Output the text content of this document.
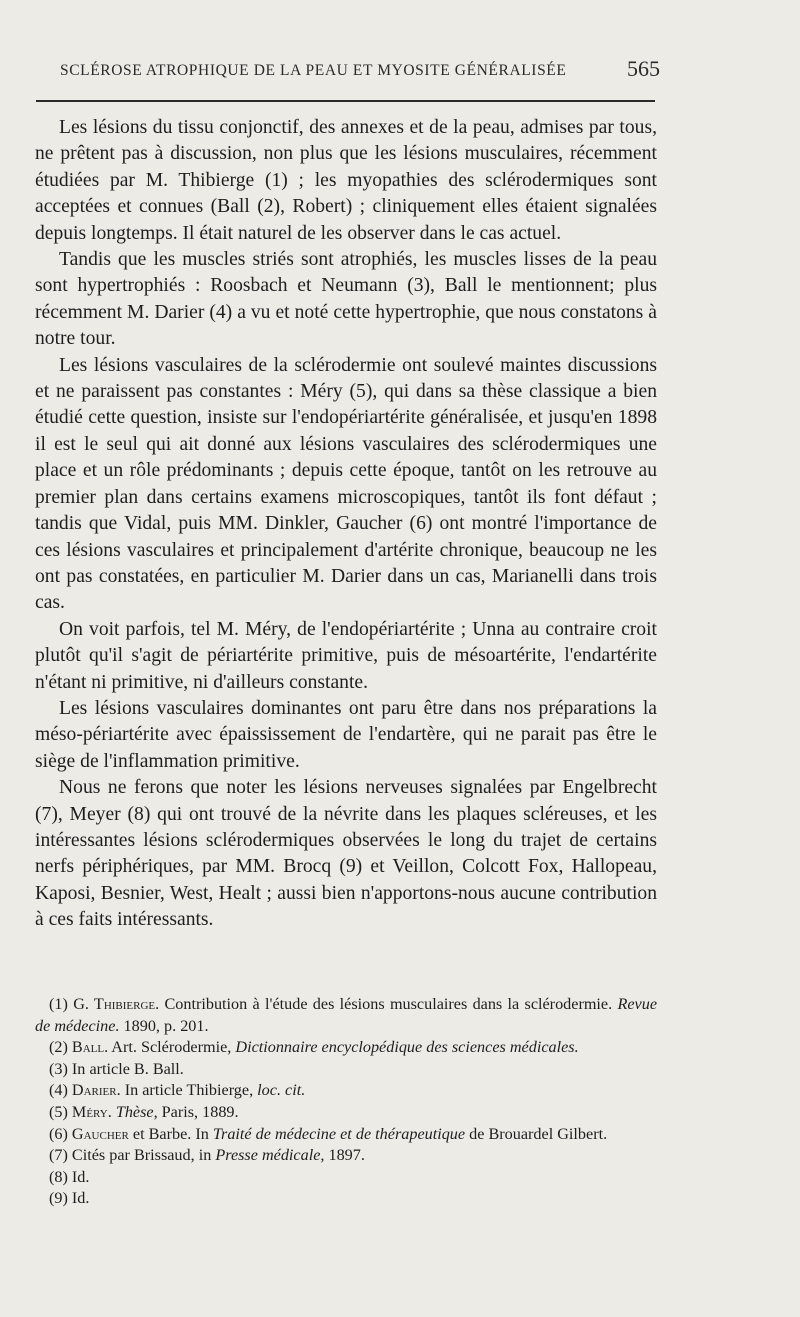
SCLÉROSE ATROPHIQUE DE LA PEAU ET MYOSITE GÉNÉRALISÉE	565

Les lésions du tissu conjonctif, des annexes et de la peau, admises par tous, ne prêtent pas à discussion, non plus que les lésions musculaires, récemment étudiées par M. Thibierge (1) ; les myopathies des sclérodermiques sont acceptées et connues (Ball (2), Robert) ; cliniquement elles étaient signalées depuis longtemps. Il était naturel de les observer dans le cas actuel.

Tandis que les muscles striés sont atrophiés, les muscles lisses de la peau sont hypertrophiés : Roosbach et Neumann (3), Ball le mentionnent; plus récemment M. Darier (4) a vu et noté cette hypertrophie, que nous constatons à notre tour.

Les lésions vasculaires de la sclérodermie ont soulevé maintes discussions et ne paraissent pas constantes : Méry (5), qui dans sa thèse classique a bien étudié cette question, insiste sur l'endopériartérite généralisée, et jusqu'en 1898 il est le seul qui ait donné aux lésions vasculaires des sclérodermiques une place et un rôle prédominants ; depuis cette époque, tantôt on les retrouve au premier plan dans certains examens microscopiques, tantôt ils font défaut ; tandis que Vidal, puis MM. Dinkler, Gaucher (6) ont montré l'importance de ces lésions vasculaires et principalement d'artérite chronique, beaucoup ne les ont pas constatées, en particulier M. Darier dans un cas, Marianelli dans trois cas.

On voit parfois, tel M. Méry, de l'endopériartérite ; Unna au contraire croit plutôt qu'il s'agit de périartérite primitive, puis de mésoartérite, l'endartérite n'étant ni primitive, ni d'ailleurs constante.

Les lésions vasculaires dominantes ont paru être dans nos préparations la méso-périartérite avec épaississement de l'endartère, qui ne parait pas être le siège de l'inflammation primitive.

Nous ne ferons que noter les lésions nerveuses signalées par Engelbrecht (7), Meyer (8) qui ont trouvé de la névrite dans les plaques scléreuses, et les intéressantes lésions sclérodermiques observées le long du trajet de certains nerfs périphériques, par MM. Brocq (9) et Veillon, Colcott Fox, Hallopeau, Kaposi, Besnier, West, Healt ; aussi bien n'apportons-nous aucune contribution à ces faits intéressants.

(1) G. Thibierge. Contribution à l'étude des lésions musculaires dans la sclérodermie. Revue de médecine. 1890, p. 201.

(2) Ball. Art. Sclérodermie, Dictionnaire encyclopédique des sciences médicales.

(3) In article B. Ball.

(4) Darier. In article Thibierge, loc. cit.

(5) Méry. Thèse, Paris, 1889.

(6) Gaucher et Barbe. In Traité de médecine et de thérapeutique de Brouardel Gilbert.

(7) Cités par Brissaud, in Presse médicale, 1897.

(8) Id.

(9) Id.
